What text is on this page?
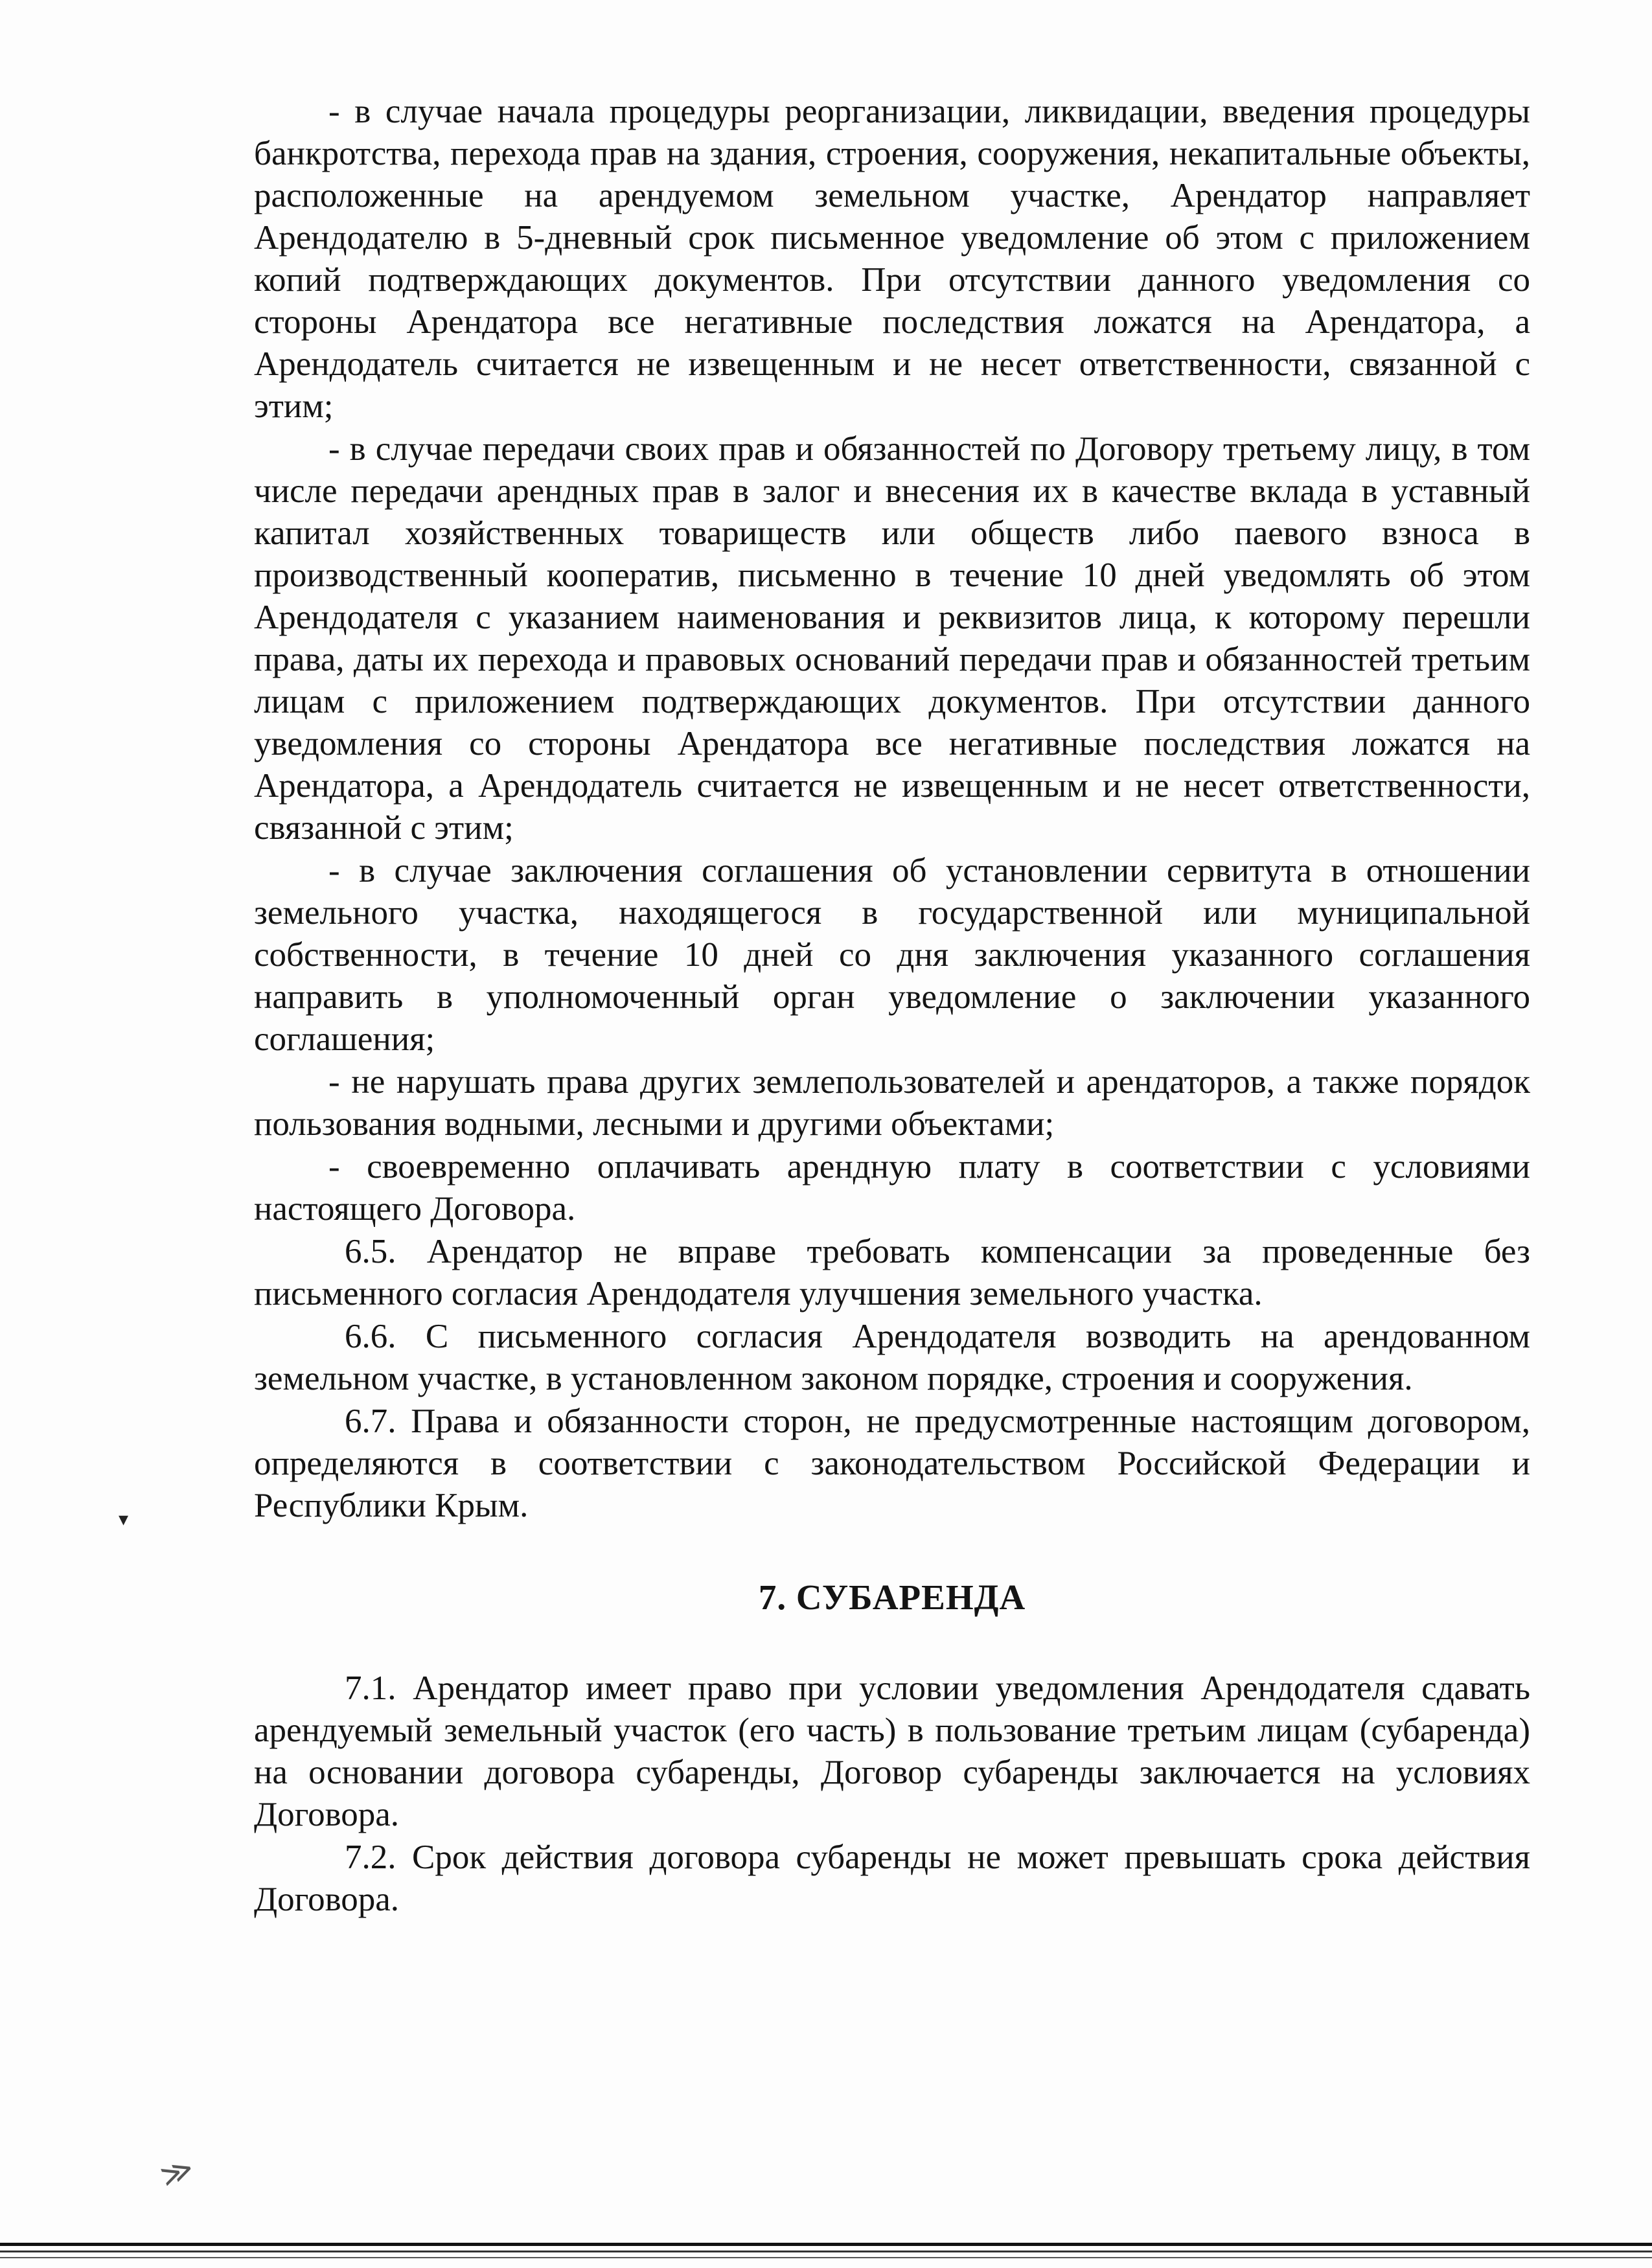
- в случае начала процедуры реорганизации, ликвидации, введения процедуры банкротства, перехода прав на здания, строения, сооружения, некапитальные объекты, расположенные на арендуемом земельном участке, Арендатор направляет Арендодателю в 5-дневный срок письменное уведомление об этом с приложением копий подтверждающих документов. При отсутствии данного уведомления со стороны Арендатора все негативные последствия ложатся на Арендатора, а Арендодатель считается не извещенным и не несет ответственности, связанной с этим;

- в случае передачи своих прав и обязанностей по Договору третьему лицу, в том числе передачи арендных прав в залог и внесения их в качестве вклада в уставный капитал хозяйственных товариществ или обществ либо паевого взноса в производственный кооператив, письменно в течение 10 дней уведомлять об этом Арендодателя с указанием наименования и реквизитов лица, к которому перешли права, даты их перехода и правовых оснований передачи прав и обязанностей третьим лицам с приложением подтверждающих документов. При отсутствии данного уведомления со стороны Арендатора все негативные последствия ложатся на Арендатора, а Арендодатель считается не извещенным и не несет ответственности, связанной с этим;

- в случае заключения соглашения об установлении сервитута в отношении земельного участка, находящегося в государственной или муниципальной собственности, в течение 10 дней со дня заключения указанного соглашения направить в уполномоченный орган уведомление о заключении указанного соглашения;

- не нарушать права других землепользователей и арендаторов, а также порядок пользования водными, лесными и другими объектами;

- своевременно оплачивать арендную плату в соответствии с условиями настоящего Договора.

6.5. Арендатор не вправе требовать компенсации за проведенные без письменного согласия Арендодателя улучшения земельного участка.

6.6. С письменного согласия Арендодателя возводить на арендованном земельном участке, в установленном законом порядке, строения и сооружения.

6.7. Права и обязанности сторон, не предусмотренные настоящим договором, определяются в соответствии с законодательством Российской Федерации и Республики Крым.

7. СУБАРЕНДА

7.1. Арендатор имеет право при условии уведомления Арендодателя сдавать арендуемый земельный участок (его часть) в пользование третьим лицам (субаренда) на основании договора субаренды, Договор субаренды заключается на условиях Договора.

7.2. Срок действия договора субаренды не может превышать срока действия Договора.

▾
≫
